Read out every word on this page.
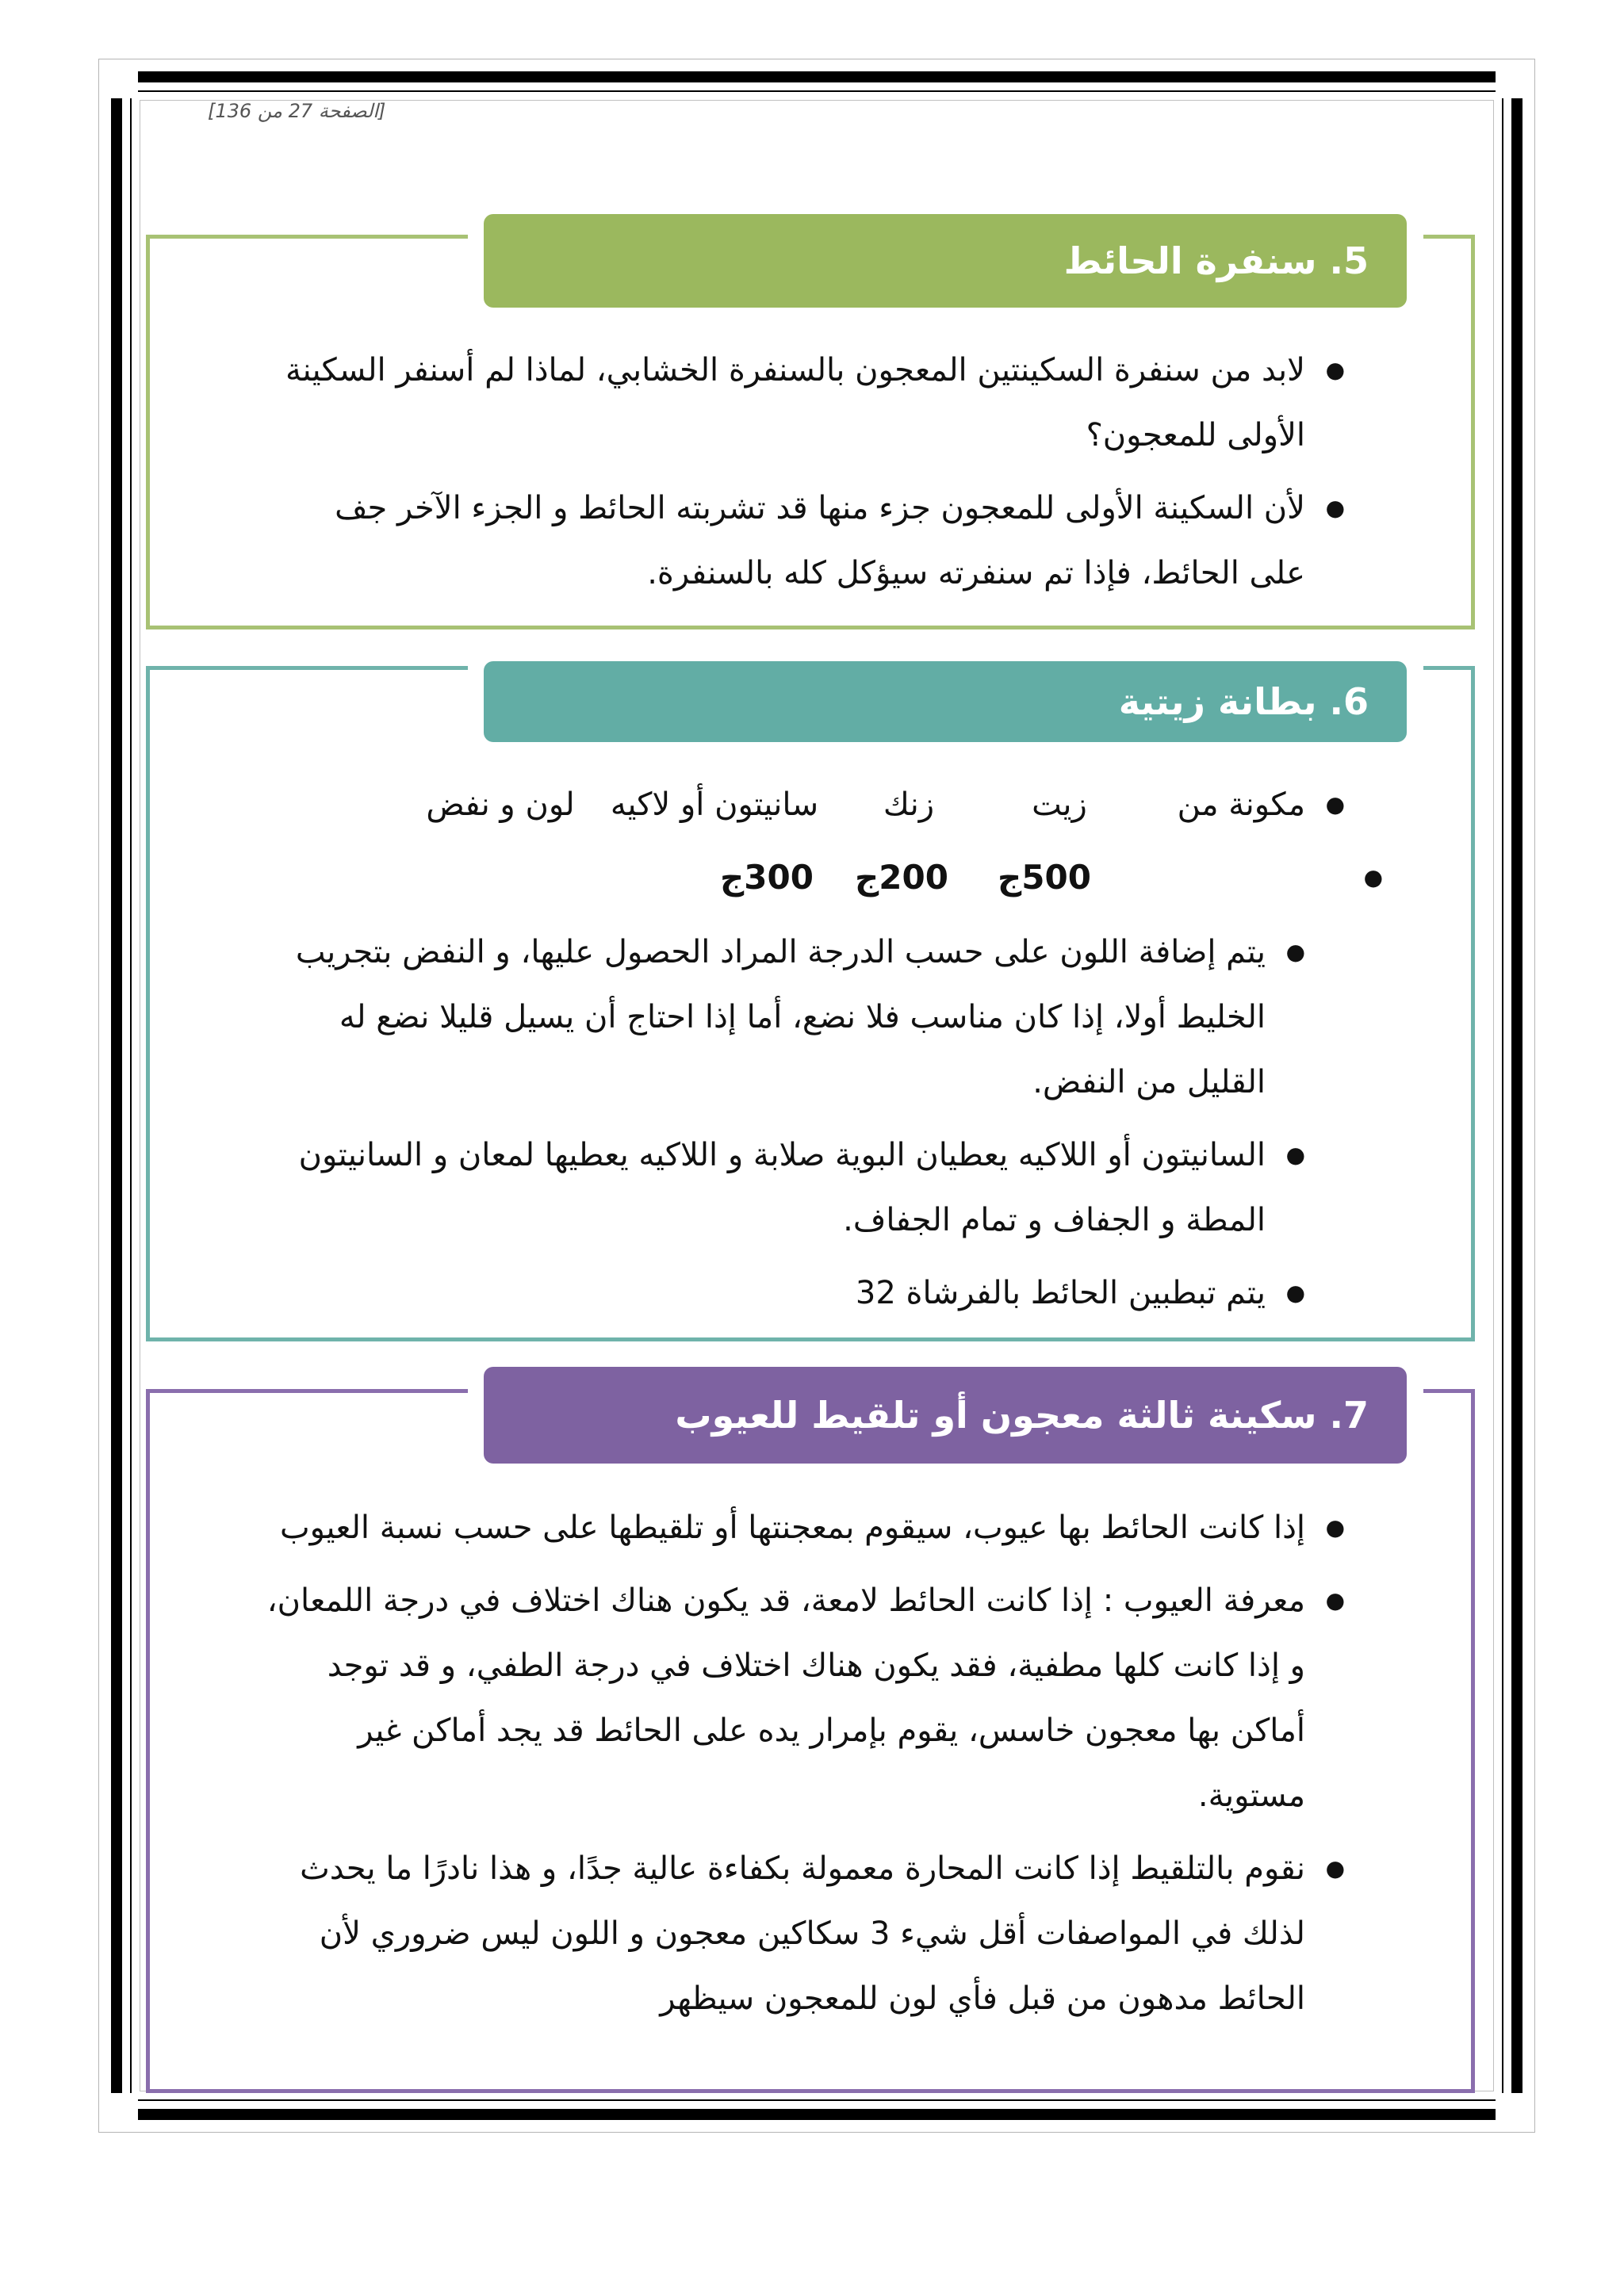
[الصفحة 27 من 136]
5. سنفرة الحائط
●
لابد من سنفرة السكينتين المعجون بالسنفرة الخشابي، لماذا لم أسنفر السكينة الأولى للمعجون؟
●
لأن السكينة الأولى للمعجون جزء منها قد تشربته الحائط و الجزء الآخر جف على الحائط، فإذا تم سنفرته سيؤكل كله بالسنفرة.
6. بطانة زيتية
●
مكونة من
زيت
زنك
سانيتون أو لاكيه
لون و نفض
●
500ج
200ج
300ج
●
يتم إضافة اللون على حسب الدرجة المراد الحصول عليها، و النفض بتجريب الخليط أولا، إذا كان مناسب فلا نضع، أما إذا احتاج أن يسيل قليلا نضع له القليل من النفض.
●
السانيتون أو اللاكيه يعطيان البوية صلابة و اللاكيه يعطيها لمعان و السانيتون المطة و الجفاف و تمام الجفاف.
●
يتم تبطبين الحائط بالفرشاة 32
7. سكينة ثالثة معجون أو تلقيط للعيوب
●
إذا كانت الحائط بها عيوب، سيقوم بمعجنتها أو تلقيطها على حسب نسبة العيوب
●
معرفة العيوب : إذا كانت الحائط لامعة، قد يكون هناك اختلاف في درجة اللمعان، و إذا كانت كلها مطفية، فقد يكون هناك اختلاف في درجة الطفي، و قد توجد أماكن بها معجون خاسس، يقوم بإمرار يده على الحائط قد يجد أماكن غير مستوية.
●
نقوم بالتلقيط إذا كانت المحارة معمولة بكفاءة عالية جدًا، و هذا نادرًا ما يحدث لذلك في المواصفات أقل شيء 3 سكاكين معجون و اللون ليس ضروري لأن الحائط مدهون من قبل فأي لون للمعجون سيظهر
